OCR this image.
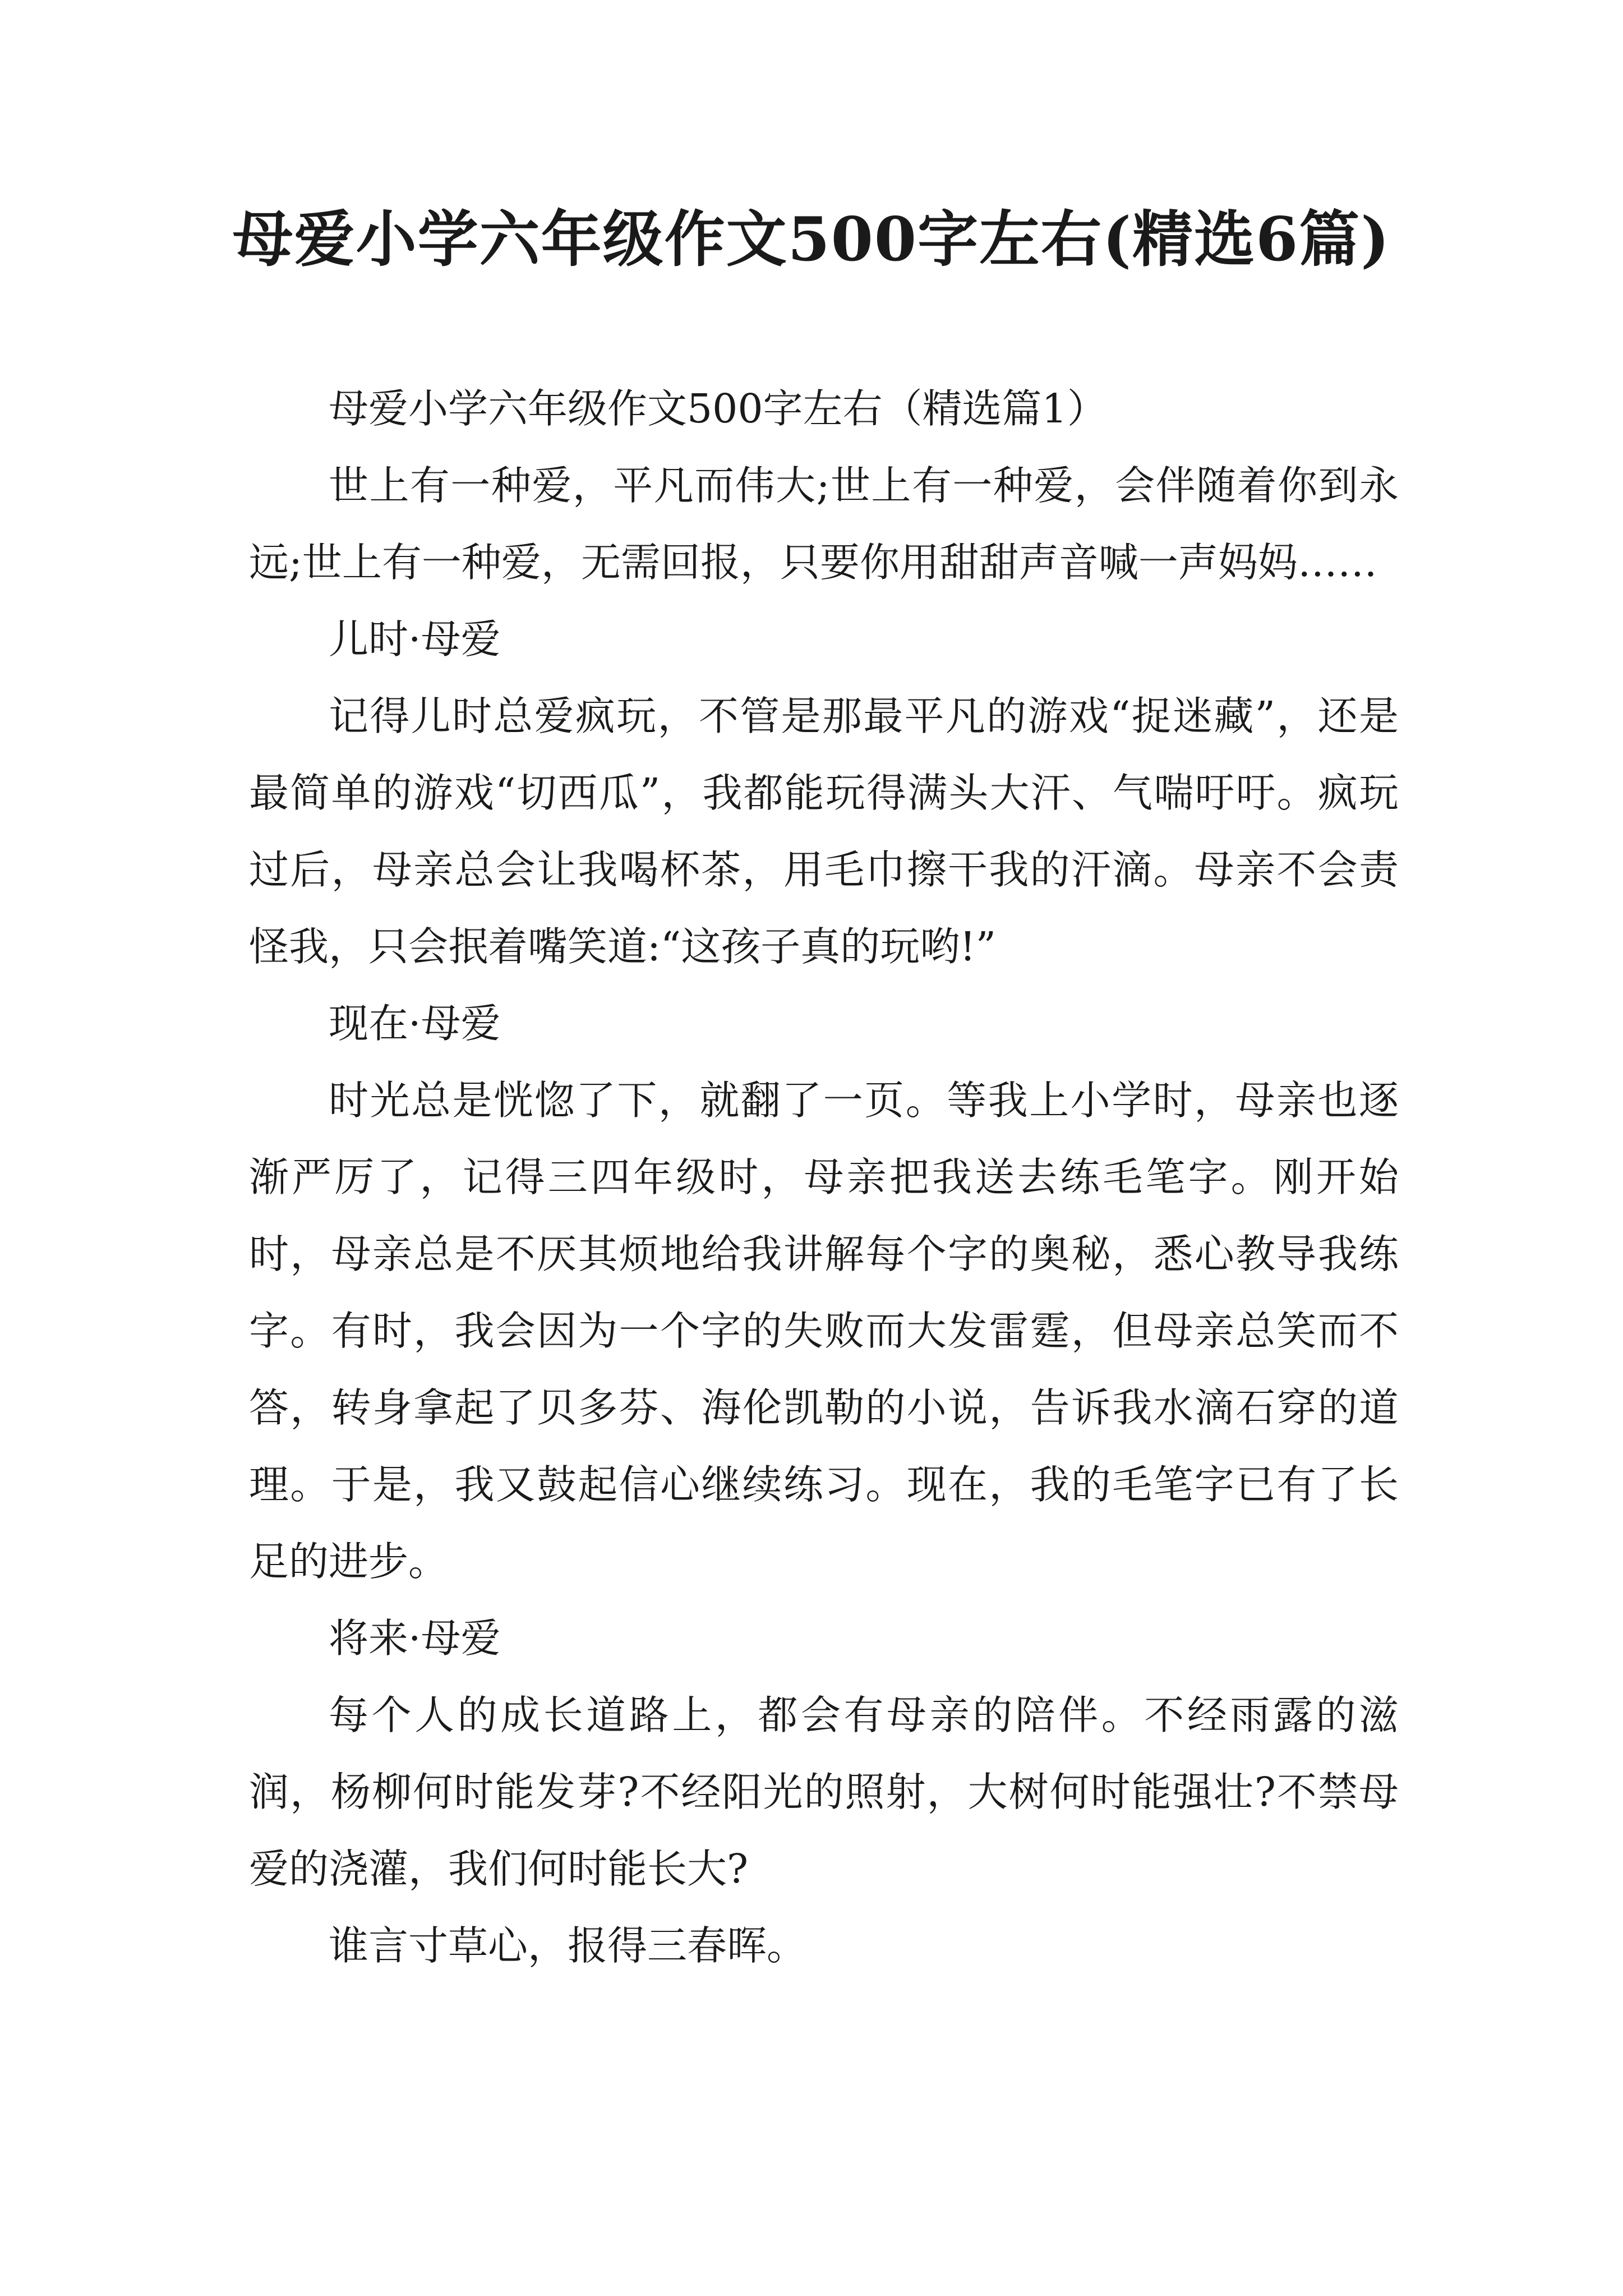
母爱小学六年级作文500字左右(精选6篇)

母爱小学六年级作文500字左右（精选篇1）

世上有一种爱，平凡而伟大;世上有一种爱，会伴随着你到永远;世上有一种爱，无需回报，只要你用甜甜声音喊一声妈妈……

儿时·母爱

记得儿时总爱疯玩，不管是那最平凡的游戏“捉迷藏”，还是最简单的游戏“切西瓜”，我都能玩得满头大汗、气喘吁吁。疯玩过后，母亲总会让我喝杯茶，用毛巾擦干我的汗滴。母亲不会责怪我，只会抿着嘴笑道:“这孩子真的玩哟!”

现在·母爱

时光总是恍惚了下，就翻了一页。等我上小学时，母亲也逐渐严厉了，记得三四年级时，母亲把我送去练毛笔字。刚开始时，母亲总是不厌其烦地给我讲解每个字的奥秘，悉心教导我练字。有时，我会因为一个字的失败而大发雷霆，但母亲总笑而不答，转身拿起了贝多芬、海伦凯勒的小说，告诉我水滴石穿的道理。于是，我又鼓起信心继续练习。现在，我的毛笔字已有了长足的进步。

将来·母爱

每个人的成长道路上，都会有母亲的陪伴。不经雨露的滋润，杨柳何时能发芽?不经阳光的照射，大树何时能强壮?不禁母爱的浇灌，我们何时能长大?

谁言寸草心，报得三春晖。
